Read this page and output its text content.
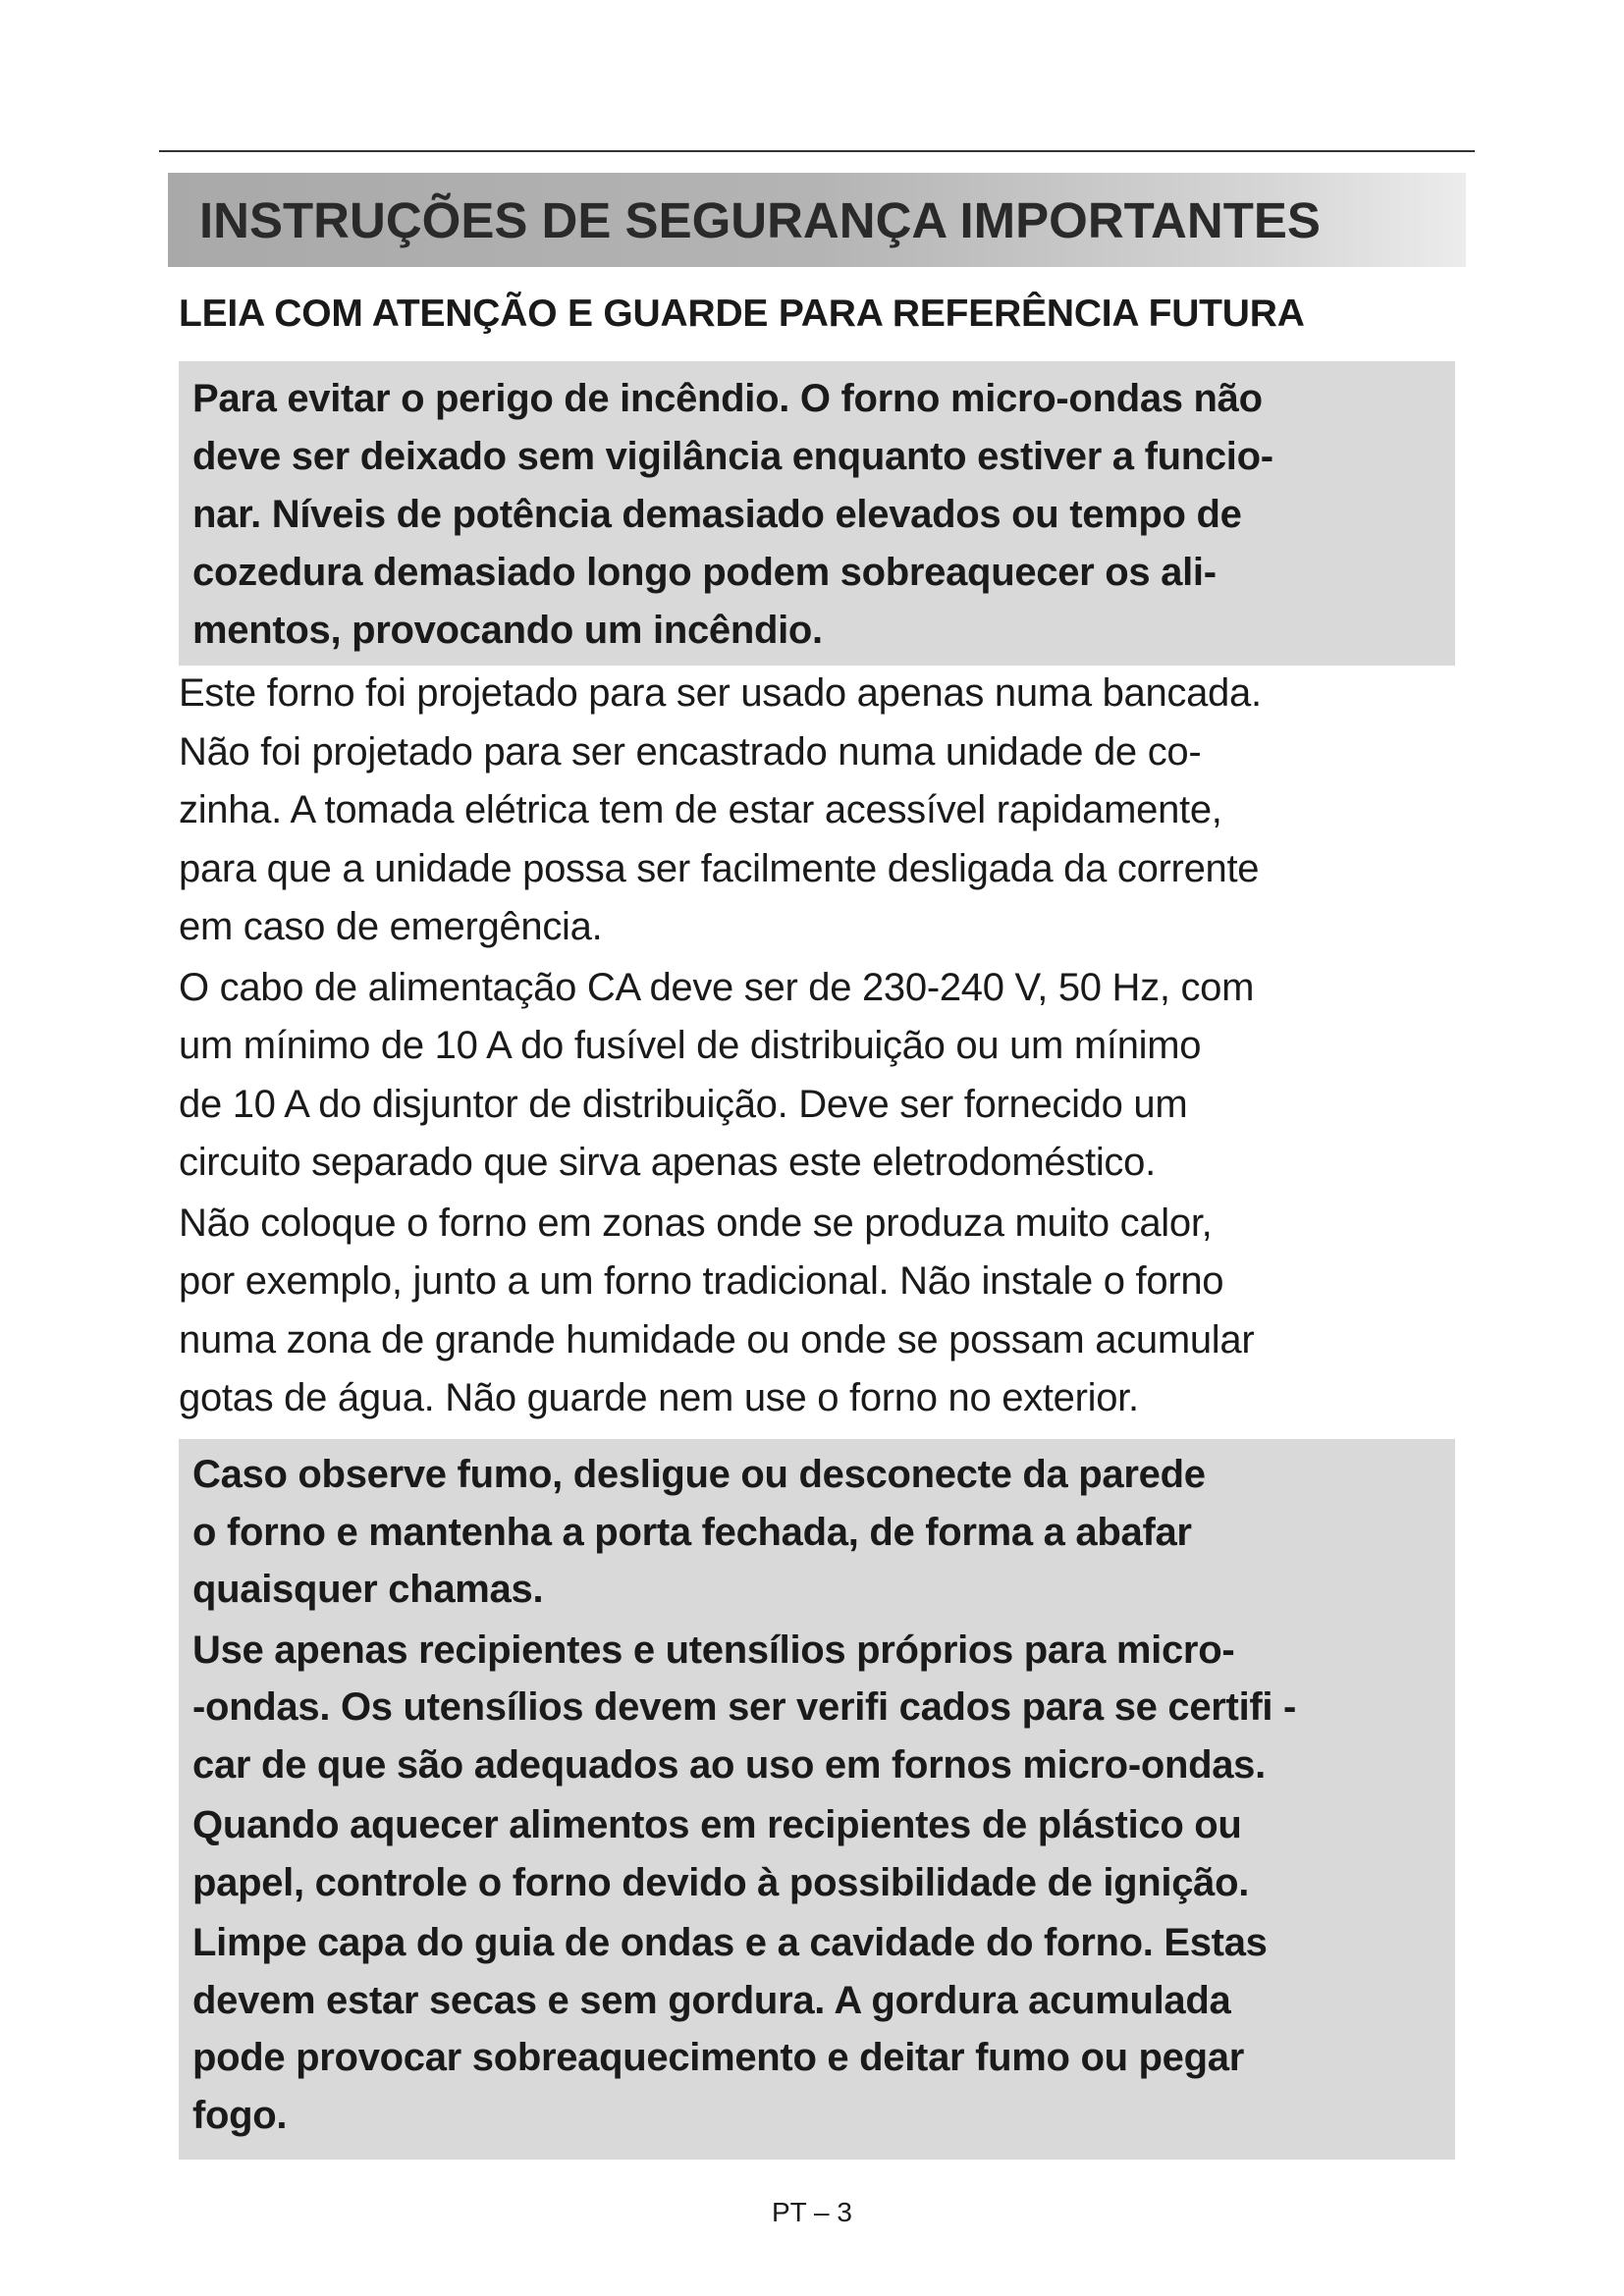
INSTRUÇÕES DE SEGURANÇA IMPORTANTES
LEIA COM ATENÇÃO E GUARDE PARA REFERÊNCIA FUTURA
Para evitar o perigo de incêndio. O forno micro-ondas não
deve ser deixado sem vigilância enquanto estiver a funcio-
nar. Níveis de potência demasiado elevados ou tempo de
cozedura demasiado longo podem sobreaquecer os ali-
mentos, provocando um incêndio.
Este forno foi projetado para ser usado apenas numa bancada.
Não foi projetado para ser encastrado numa unidade de co-
zinha. A tomada elétrica tem de estar acessível rapidamente,
para que a unidade possa ser facilmente desligada da corrente
em caso de emergência.
O cabo de alimentação CA deve ser de 230-240 V, 50 Hz, com
um mínimo de 10 A do fusível de distribuição ou um mínimo
de 10 A do disjuntor de distribuição. Deve ser fornecido um
circuito separado que sirva apenas este eletrodoméstico.
Não coloque o forno em zonas onde se produza muito calor,
por exemplo, junto a um forno tradicional. Não instale o forno
numa zona de grande humidade ou onde se possam acumular
gotas de água. Não guarde nem use o forno no exterior.
Caso observe fumo, desligue ou desconecte da parede
o forno e mantenha a porta fechada, de forma a abafar
quaisquer chamas.
Use apenas recipientes e utensílios próprios para micro-
-ondas. Os utensílios devem ser verifi cados para se certifi -
car de que são adequados ao uso em fornos micro-ondas.
Quando aquecer alimentos em recipientes de plástico ou
papel, controle o forno devido à possibilidade de ignição.
Limpe capa do guia de ondas e a cavidade do forno. Estas
devem estar secas e sem gordura. A gordura acumulada
pode provocar sobreaquecimento e deitar fumo ou pegar
fogo.
PT – 3
